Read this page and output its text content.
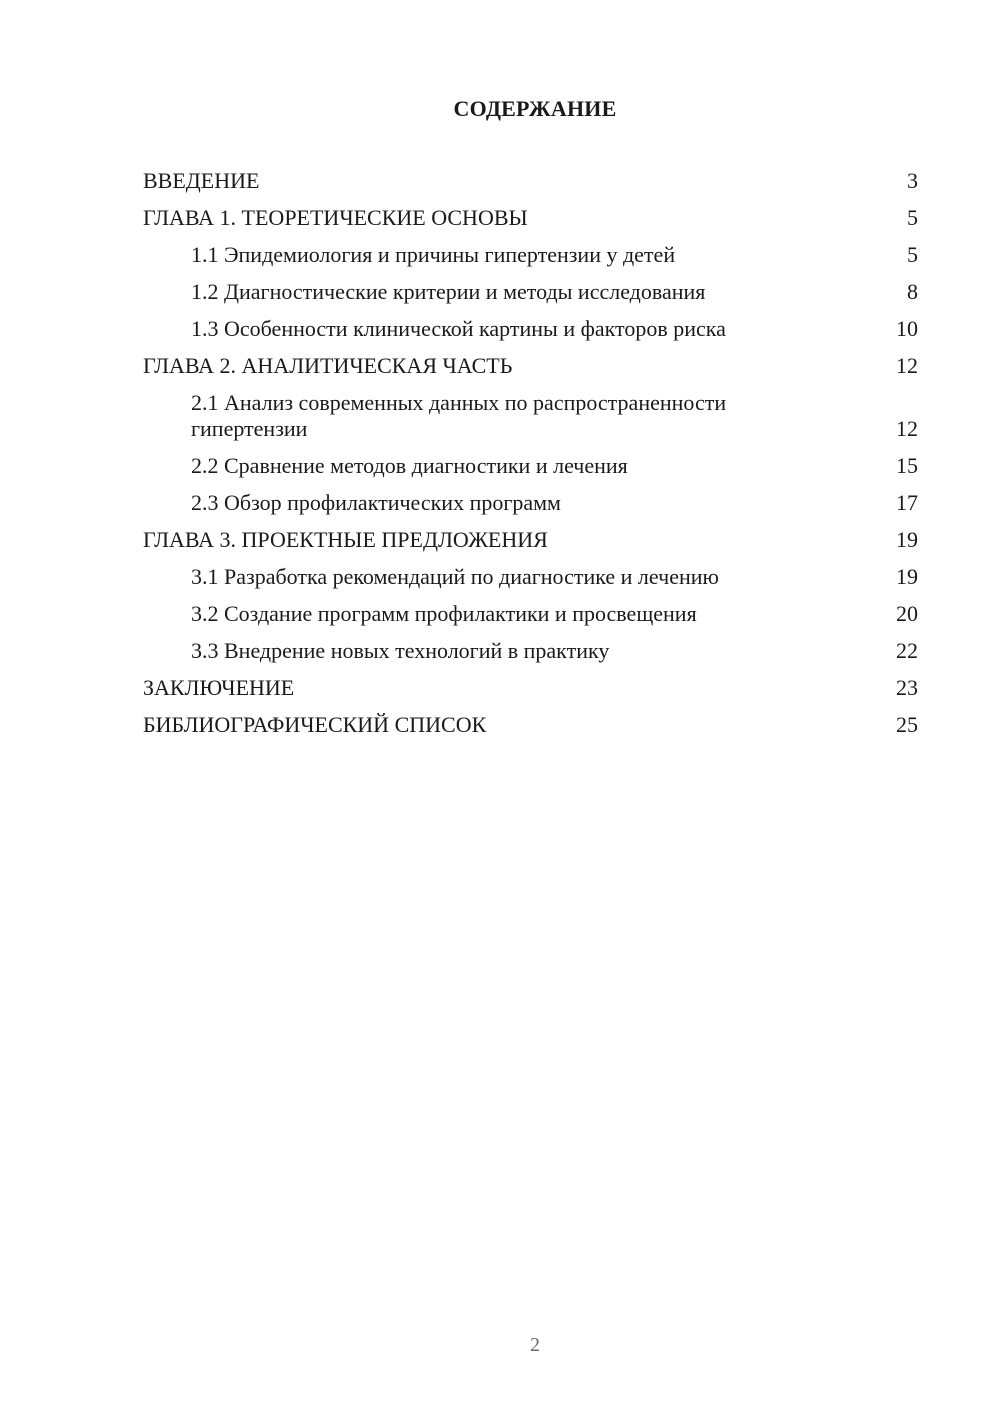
СОДЕРЖАНИЕ
ВВЕДЕНИЕ	3
ГЛАВА 1. ТЕОРЕТИЧЕСКИЕ ОСНОВЫ	5
1.1 Эпидемиология и причины гипертензии у детей	5
1.2 Диагностические критерии и методы исследования	8
1.3 Особенности клинической картины и факторов риска	10
ГЛАВА 2. АНАЛИТИЧЕСКАЯ ЧАСТЬ	12
2.1 Анализ современных данных по распространенности гипертензии	12
2.2 Сравнение методов диагностики и лечения	15
2.3 Обзор профилактических программ	17
ГЛАВА 3. ПРОЕКТНЫЕ ПРЕДЛОЖЕНИЯ	19
3.1 Разработка рекомендаций по диагностике и лечению	19
3.2 Создание программ профилактики и просвещения	20
3.3 Внедрение новых технологий в практику	22
ЗАКЛЮЧЕНИЕ	23
БИБЛИОГРАФИЧЕСКИЙ СПИСОК	25
2
